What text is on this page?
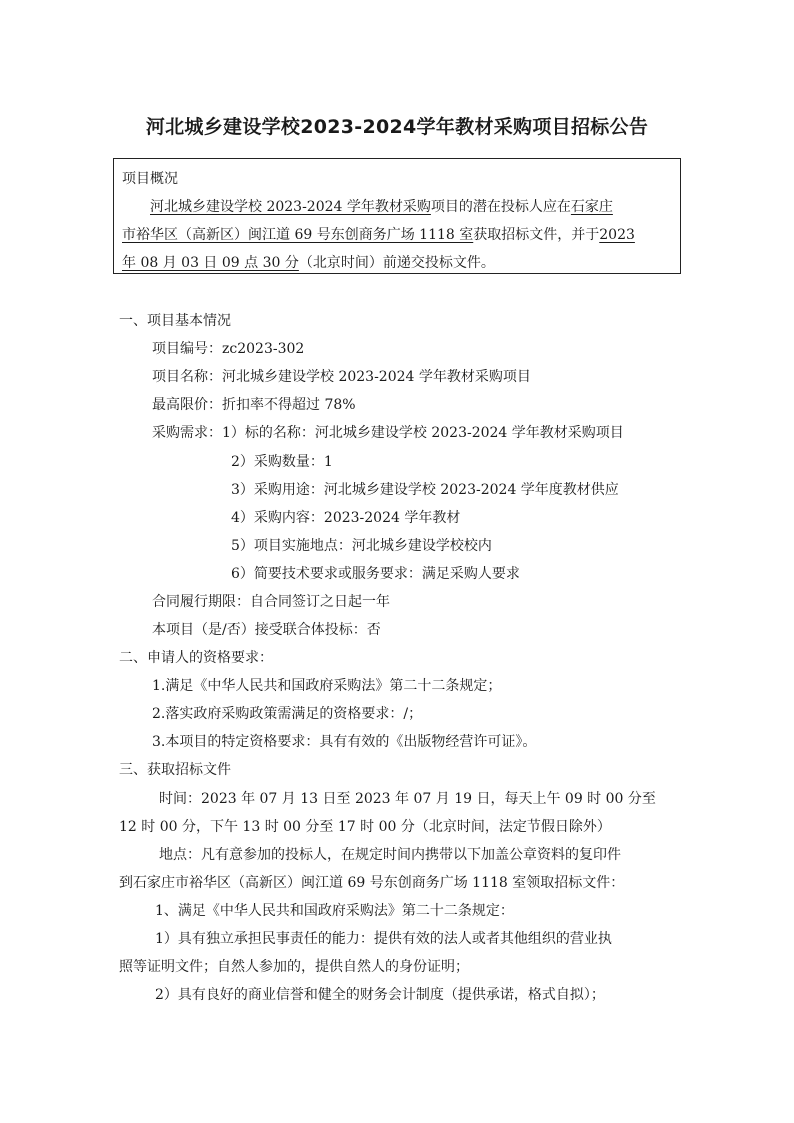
河北城乡建设学校2023-2024学年教材采购项目招标公告
项目概况
河北城乡建设学校 2023-2024 学年教材采购项目的潜在投标人应在石家庄
市裕华区（高新区）闽江道 69 号东创商务广场 1118 室获取招标文件，并于2023
年 08 月 03 日 09 点 30 分（北京时间）前递交投标文件。
一、项目基本情况
项目编号：zc2023-302
项目名称：河北城乡建设学校 2023-2024 学年教材采购项目
最高限价：折扣率不得超过 78%
采购需求：1）标的名称：河北城乡建设学校 2023-2024 学年教材采购项目
2）采购数量：1
3）采购用途：河北城乡建设学校 2023-2024 学年度教材供应
4）采购内容：2023-2024 学年教材
5）项目实施地点：河北城乡建设学校校内
6）简要技术要求或服务要求：满足采购人要求
合同履行期限：自合同签订之日起一年
本项目（是/否）接受联合体投标：否
二、申请人的资格要求：
1.满足《中华人民共和国政府采购法》第二十二条规定；
2.落实政府采购政策需满足的资格要求：/；
3.本项目的特定资格要求：具有有效的《出版物经营许可证》。
三、获取招标文件
时间：2023 年 07 月 13 日至 2023 年 07 月 19 日，每天上午 09 时 00 分至
12 时 00 分，下午 13 时 00 分至 17 时 00 分（北京时间，法定节假日除外）
地点：凡有意参加的投标人，在规定时间内携带以下加盖公章资料的复印件
到石家庄市裕华区（高新区）闽江道 69 号东创商务广场 1118 室领取招标文件：
1、满足《中华人民共和国政府采购法》第二十二条规定：
1）具有独立承担民事责任的能力：提供有效的法人或者其他组织的营业执
照等证明文件；自然人参加的，提供自然人的身份证明；
2）具有良好的商业信誉和健全的财务会计制度（提供承诺，格式自拟）；
